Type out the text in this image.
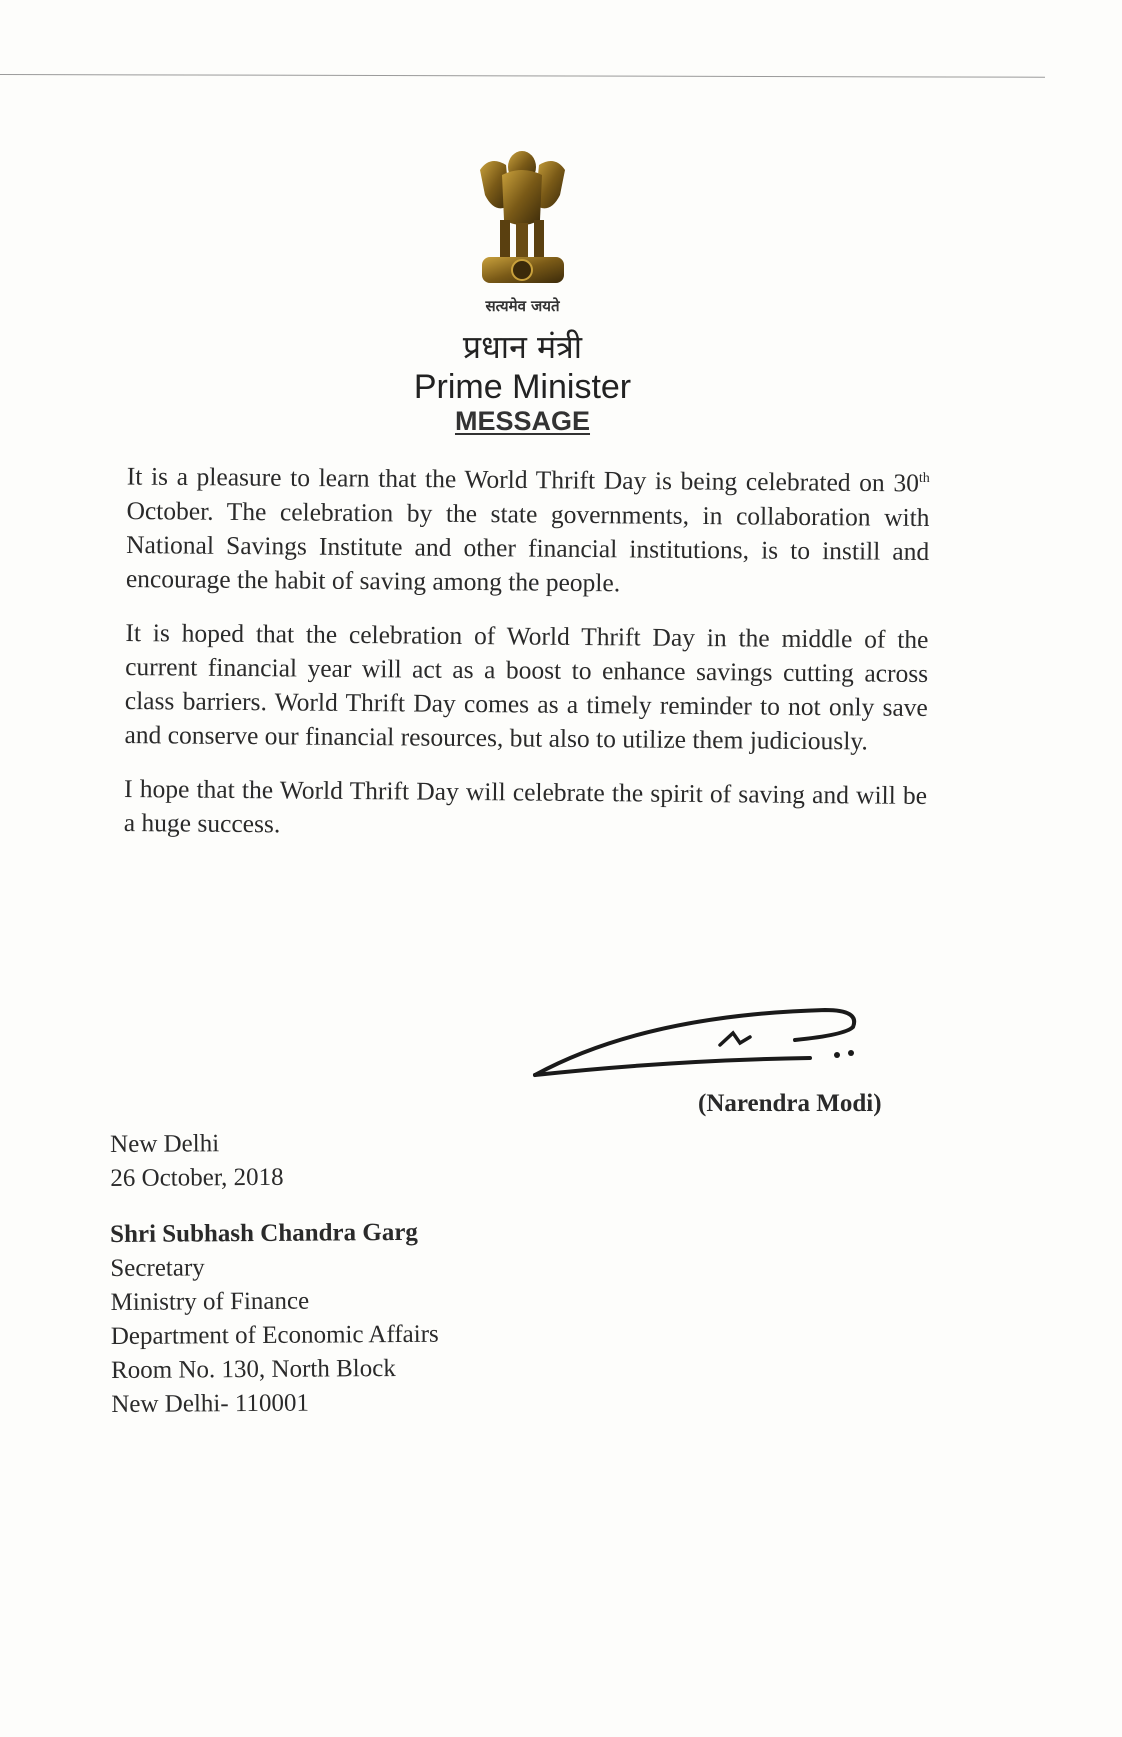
सत्यमेव जयते
प्रधान मंत्री
Prime Minister
MESSAGE

It is a pleasure to learn that the World Thrift Day is being celebrated on 30th October. The celebration by the state governments, in collaboration with National Savings Institute and other financial institutions, is to instill and encourage the habit of saving among the people.

It is hoped that the celebration of World Thrift Day in the middle of the current financial year will act as a boost to enhance savings cutting across class barriers. World Thrift Day comes as a timely reminder to not only save and conserve our financial resources, but also to utilize them judiciously.

I hope that the World Thrift Day will celebrate the spirit of saving and will be a huge success.

(Narendra Modi)
New Delhi
26 October, 2018
Shri Subhash Chandra Garg
Secretary
Ministry of Finance
Department of Economic Affairs
Room No. 130, North Block
New Delhi- 110001
